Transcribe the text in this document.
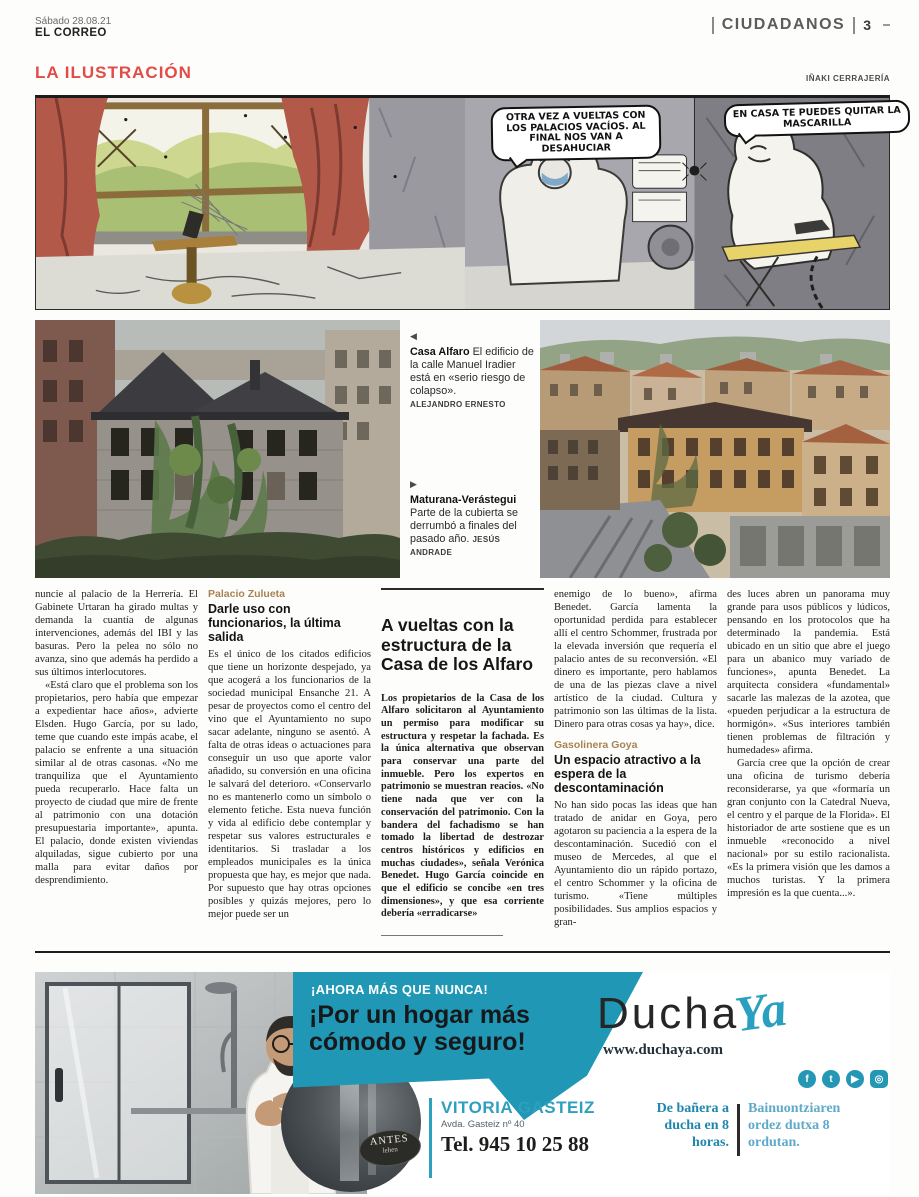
Sábado 28.08.21
EL CORREO	CIUDADANOS 3
LA ILUSTRACIÓN	IÑAKI CERRAJERÍA
OTRA VEZ A VUELTAS CON LOS PALACIOS VACÍOS. AL FINAL NOS VAN A DESAHUCIAR
EN CASA TE PUEDES QUITAR LA MASCARILLA
◀
Casa Alfaro El edificio de la calle Manuel Iradier está en «serio riesgo de colapso».
ALEJANDRO ERNESTO
▶
Maturana-Verástegui Parte de la cubierta se derrumbó a finales del pasado año. JESÚS ANDRADE

nuncie al palacio de la Herrería. El Gabinete Urtaran ha girado multas y demanda la cuantía de algunas intervenciones, además del IBI y las basuras. Pero la pelea no sólo no avanza, sino que además ha perdido a sus últimos interlocutores.

«Está claro que el problema son los propietarios, pero había que empezar a expedientar hace años», advierte Elsden. Hugo García, por su lado, teme que cuando este impás acabe, el palacio se enfrente a una situación similar al de otras casonas. «No me tranquiliza que el Ayuntamiento pueda recuperarlo. Hace falta un proyecto de ciudad que mire de frente al patrimonio con una dotación presupuestaria importante», apunta. El palacio, donde existen viviendas alquiladas, sigue cubierto por una malla para evitar daños por desprendimiento.

Palacio Zulueta

Darle uso con funcionarios, la última salida

Es el único de los citados edificios que tiene un horizonte despejado, ya que acogerá a los funcionarios de la sociedad municipal Ensanche 21. A pesar de proyectos como el centro del vino que el Ayuntamiento no supo sacar adelante, ninguno se asentó. A falta de otras ideas o actuaciones para conseguir un uso que aporte valor añadido, su conversión en una oficina le salvará del deterioro. «Conservarlo no es mantenerlo como un símbolo o elemento fetiche. Esta nueva función y vida al edificio debe contemplar y respetar sus valores estructurales e identitarios. Si trasladar a los empleados municipales es la única propuesta que hay, es mejor que nada. Por supuesto que hay otras opciones posibles y quizás mejores, pero lo mejor puede ser un

A vueltas con la estructura de la Casa de los Alfaro

Los propietarios de la Casa de los Alfaro solicitaron al Ayuntamiento un permiso para modificar su estructura y respetar la fachada. Es la única alternativa que observan para conservar una parte del inmueble. Pero los expertos en patrimonio se muestran reacios. «No tiene nada que ver con la conservación del patrimonio. Con la bandera del fachadismo se han tomado la libertad de destrozar centros históricos y edificios en muchas ciudades», señala Verónica Benedet. Hugo García coincide en que el edificio se concibe «en tres dimensiones», y que esa corriente debería «erradicarse»

enemigo de lo bueno», afirma Benedet. García lamenta la oportunidad perdida para establecer allí el centro Schommer, frustrada por la elevada inversión que requería el palacio antes de su reconversión. «El dinero es importante, pero hablamos de una de las piezas clave a nivel artístico de la ciudad. Cultura y patrimonio son las últimas de la lista. Dinero para otras cosas ya hay», dice.

Gasolinera Goya

Un espacio atractivo a la espera de la descontaminación

No han sido pocas las ideas que han tratado de anidar en Goya, pero agotaron su paciencia a la espera de la descontaminación. Sucedió con el museo de Mercedes, al que el Ayuntamiento dio un rápido portazo, el centro Schommer y la oficina de turismo. «Tiene múltiples posibilidades. Sus amplios espacios y gran-

des luces abren un panorama muy grande para usos públicos y lúdicos, pensando en los protocolos que ha determinado la pandemia. Está ubicado en un sitio que abre el juego para un abanico muy variado de funciones», apunta Benedet. La arquitecta considera «fundamental» sacarle las malezas de la azotea, que «pueden perjudicar a la estructura de hormigón». «Sus interiores también tienen problemas de filtración y humedades» afirma.

García cree que la opción de crear una oficina de turismo debería reconsiderarse, ya que «formaría un gran conjunto con la Catedral Nueva, el centro y el parque de la Florida». El historiador de arte sostiene que es un inmueble «reconocido a nivel nacional» por su estilo racionalista. «Es la primera visión que les damos a muchos turistas. Y la primera impresión es la que cuenta...».

ANTES
lehen
¡AHORA MÁS QUE NUNCA!
¡Por un hogar más cómodo y seguro!
DuchaYa
www.duchaya.com
f	t	▶	◎
VITORIA GASTEIZ
Avda. Gasteiz nº 40
Tel. 945 10 25 88
De bañera a ducha en 8 horas.
Bainuontziaren ordez dutxa 8 ordutan.
